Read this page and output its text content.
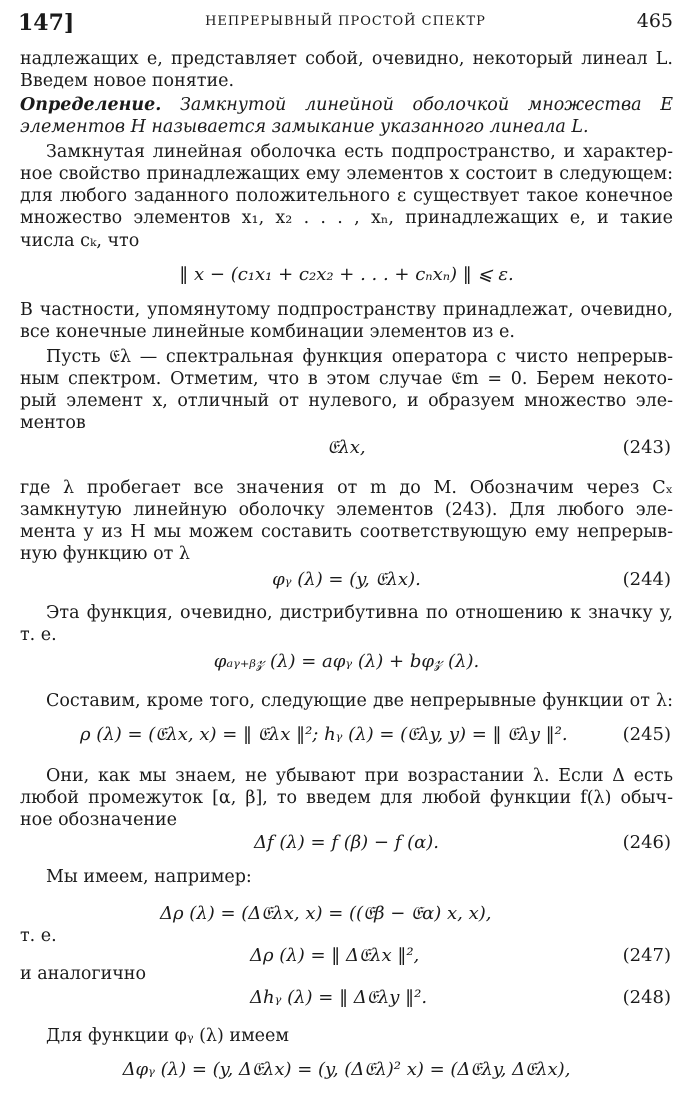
147]	НЕПРЕРЫВНЫЙ ПРОСТОЙ СПЕКТР	465
надлежащих e, представляет собой, очевидно, некоторый линеал L.
Введем новое понятие.
Определение. Замкнутой линейной оболочкой множества E
элементов H называется замыкание указанного линеала L.
Замкнутая линейная оболочка есть подпространство, и характер-
ное свойство принадлежащих ему элементов x состоит в следующем:
для любого заданного положительного ε существует такое конечное
множество элементов x₁, x₂ . . . , xₙ, принадлежащих e, и такие
числа cₖ, что
‖ x − (c₁x₁ + c₂x₂ + . . . + cₙxₙ) ‖ ⩽ ε.
В частности, упомянутому подпространству принадлежат, очевидно,
все конечные линейные комбинации элементов из e.
Пусть 𝔈λ — спектральная функция оператора с чисто непрерыв-
ным спектром. Отметим, что в этом случае 𝔈m = 0. Берем некото-
рый элемент x, отличный от нулевого, и образуем множество эле-
ментов
𝔈λx,	(243)
где λ пробегает все значения от m до M. Обозначим через Cₓ
замкнутую линейную оболочку элементов (243). Для любого эле-
мента y из H мы можем составить соответствующую ему непрерыв-
ную функцию от λ
φᵧ (λ) = (y, 𝔈λx).	(244)
Эта функция, очевидно, дистрибутивна по отношению к значку y,
т. е.
φₐᵧ₊ᵦ𝓏 (λ) = aφᵧ (λ) + bφ𝓏 (λ).
Составим, кроме того, следующие две непрерывные функции от λ:
ρ (λ) = (𝔈λx, x) = ‖ 𝔈λx ‖²; hᵧ (λ) = (𝔈λy, y) = ‖ 𝔈λy ‖².	(245)
Они, как мы знаем, не убывают при возрастании λ. Если Δ есть
любой промежуток [α, β], то введем для любой функции f(λ) обыч-
ное обозначение
Δf (λ) = f (β) − f (α).	(246)
Мы имеем, например:
Δρ (λ) = (Δ𝔈λx, x) = ((𝔈β − 𝔈α) x, x),
т. е.
Δρ (λ) = ‖ Δ𝔈λx ‖²,	(247)
и аналогично
Δhᵧ (λ) = ‖ Δ𝔈λy ‖².	(248)
Для функции φᵧ (λ) имеем
Δφᵧ (λ) = (y, Δ𝔈λx) = (y, (Δ𝔈λ)² x) = (Δ𝔈λy, Δ𝔈λx),
